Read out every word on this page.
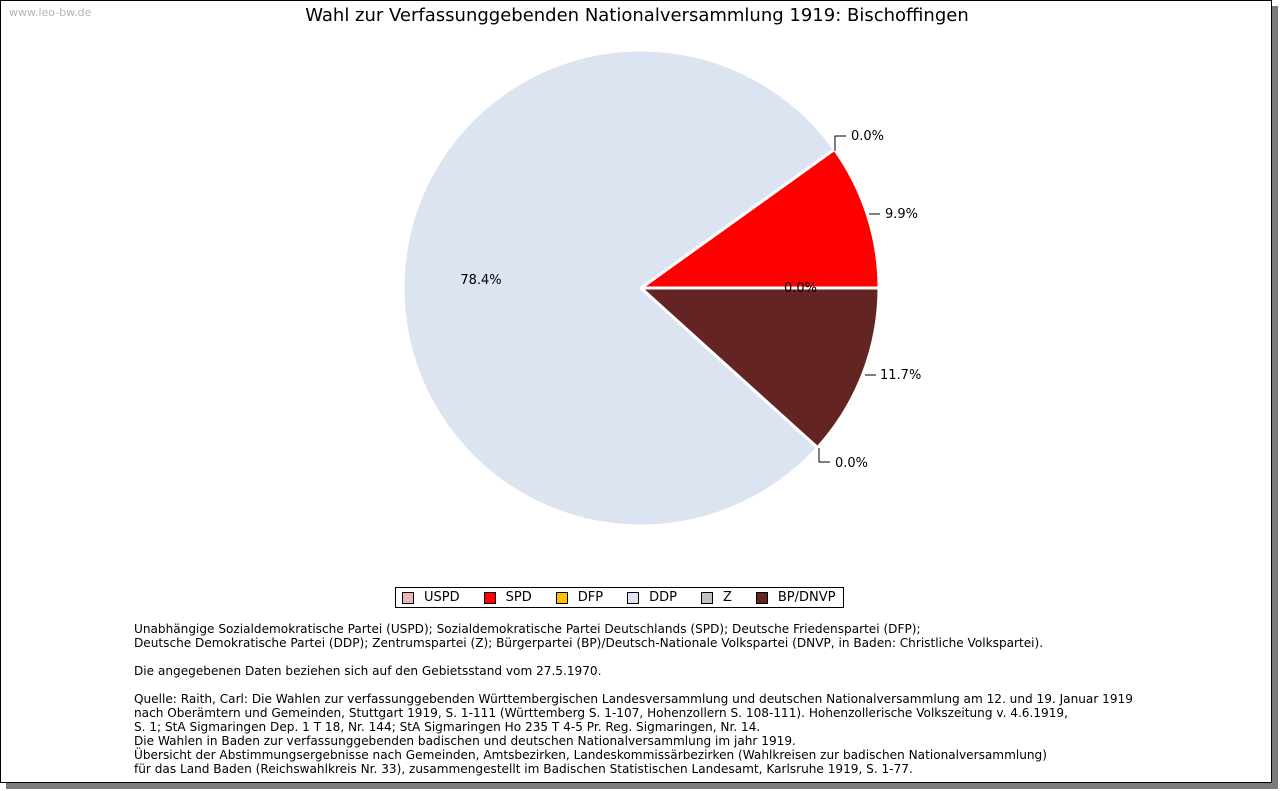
www.leo-bw.de	Wahl zur Verfassunggebenden Nationalversammlung 1919: Bischoffingen
0.0%
9.9%
0.0%
78.4%
0.0%
11.7%
USPD	SPD	DFP	DDP	Z	BP/DNVP

Unabhängige Sozialdemokratische Partei (USPD); Sozialdemokratische Partei Deutschlands (SPD); Deutsche Friedenspartei (DFP);
Deutsche Demokratische Partei (DDP); Zentrumspartei (Z); Bürgerpartei (BP)/Deutsch-Nationale Volkspartei (DNVP, in Baden: Christliche Volkspartei).

Die angegebenen Daten beziehen sich auf den Gebietsstand vom 27.5.1970.

Quelle: Raith, Carl: Die Wahlen zur verfassunggebenden Württembergischen Landesversammlung und deutschen Nationalversammlung am 12. und 19. Januar 1919
nach Oberämtern und Gemeinden, Stuttgart 1919, S. 1-111 (Württemberg S. 1-107, Hohenzollern S. 108-111). Hohenzollerische Volkszeitung v. 4.6.1919,
S. 1; StA Sigmaringen Dep. 1 T 18, Nr. 144; StA Sigmaringen Ho 235 T 4-5 Pr. Reg. Sigmaringen, Nr. 14.
Die Wahlen in Baden zur verfassunggebenden badischen und deutschen Nationalversammlung im jahr 1919.
Übersicht der Abstimmungsergebnisse nach Gemeinden, Amtsbezirken, Landeskommissärbezirken (Wahlkreisen zur badischen Nationalversammlung)
für das Land Baden (Reichswahlkreis Nr. 33), zusammengestellt im Badischen Statistischen Landesamt, Karlsruhe 1919, S. 1-77.
